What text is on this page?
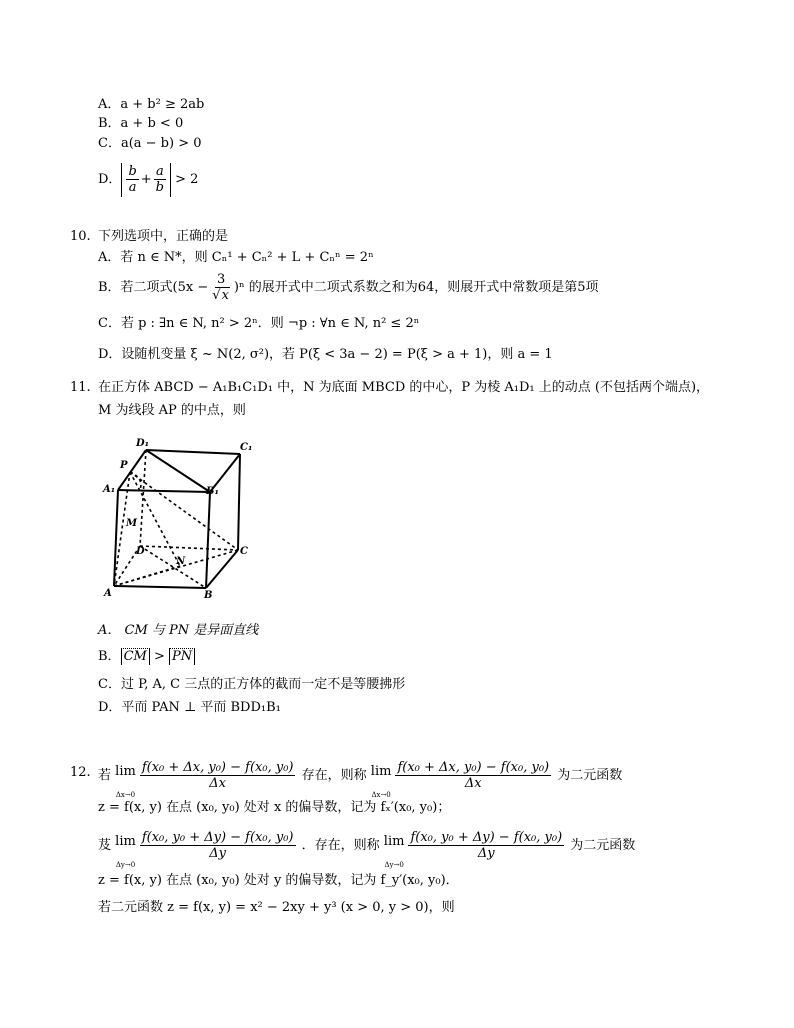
A．a + b² ≥ 2ab
B．a + b < 0
C．a(a − b) > 0
D． $\frac{b}{a} + \frac{a}{b} > 2$
10. 下列选项中，正确的是
A．若 n ∈ N*，则 Cₙ¹ + Cₙ² + L + Cₙⁿ = 2ⁿ
B．若二项式$(5x - \frac{3}{√x} )^n$ 的展开式中二项式系数之和为64，则展开式中常数项是第5项
C．若 p : ∃n ∈ N, n² > 2ⁿ．则 ¬p : ∀n ∈ N, n² ≤ 2ⁿ
D．设随机变量 ξ ~ N(2, σ²)，若 P(ξ < 3a − 2) = P(ξ > a + 1)，则 a = 1
11. 在正方体 ABCD − A₁B₁C₁D₁ 中，N 为底面 MBCD 的中心，P 为棱 A₁D₁ 上的动点 (不包括两个端点)，
M 为线段 AP 的中点，则
D₁	C₁
A₁	B₁
P
M
D	C
N
A	B
A． CM 与 PN 是异面直线
B． CM > PN
C．过 P, A, C 三点的正方体的截而一定不是等腰拂形
D．平而 PAN ⊥ 平而 BDD₁B₁
12. 若 lim
Δx→0
$\frac{\text{f(x₀ + Δx, y₀) − f(x₀, y₀)}}{\Delta x}$ 存在，则称 lim
Δx→0
$\frac{\text{f(x₀ + Δx, y₀) − f(x₀, y₀)}}{\Delta x}$ 为二元函数
z = f(x, y) 在点 (x₀, y₀) 处对 x 的偏导数，记为 fₓ′(x₀, y₀)；
芨 lim
Δy→0
$\frac{\text{f(x₀, y₀ + Δy) − f(x₀, y₀)}}{\Delta y}$ ．存在，则称 lim
Δy→0
$\frac{\text{f(x₀, y₀ + Δy) − f(x₀, y₀)}}{\Delta y}$ 为二元函数
z = f(x, y) 在点 (x₀, y₀) 处对 y 的偏导数，记为 f_y′(x₀, y₀)．
若二元函数 z = f(x, y) = x² − 2xy + y³ (x > 0, y > 0)，则
